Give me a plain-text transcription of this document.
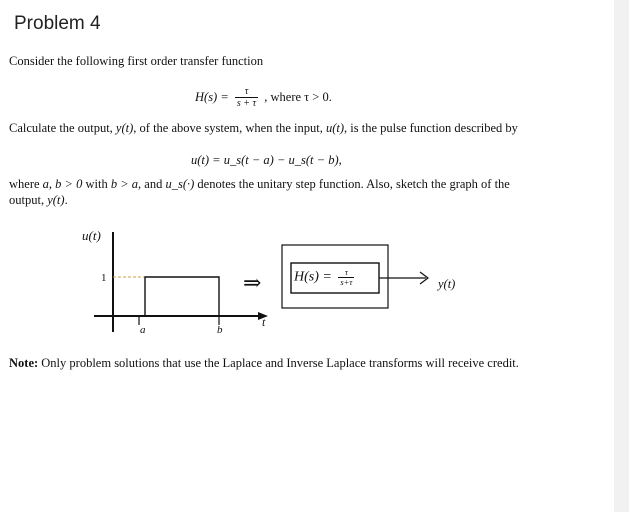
Problem 4

Consider the following first order transfer function

$H(s) = \frac{\tau}{s + \tau}$ , where τ > 0.

Calculate the output, y(t), of the above system, when the input, u(t), is the pulse function described by

u(t) = u_s(t − a) − u_s(t − b),

where a, b > 0 with b > a, and u_s(·) denotes the unitary step function. Also, sketch the graph of the output, y(t).

u(t)
t
1
a	b
⇒	y(t)
$H(s) = \frac{\tau}{s+\tau}$

Note: Only problem solutions that use the Laplace and Inverse Laplace transforms will receive credit.
